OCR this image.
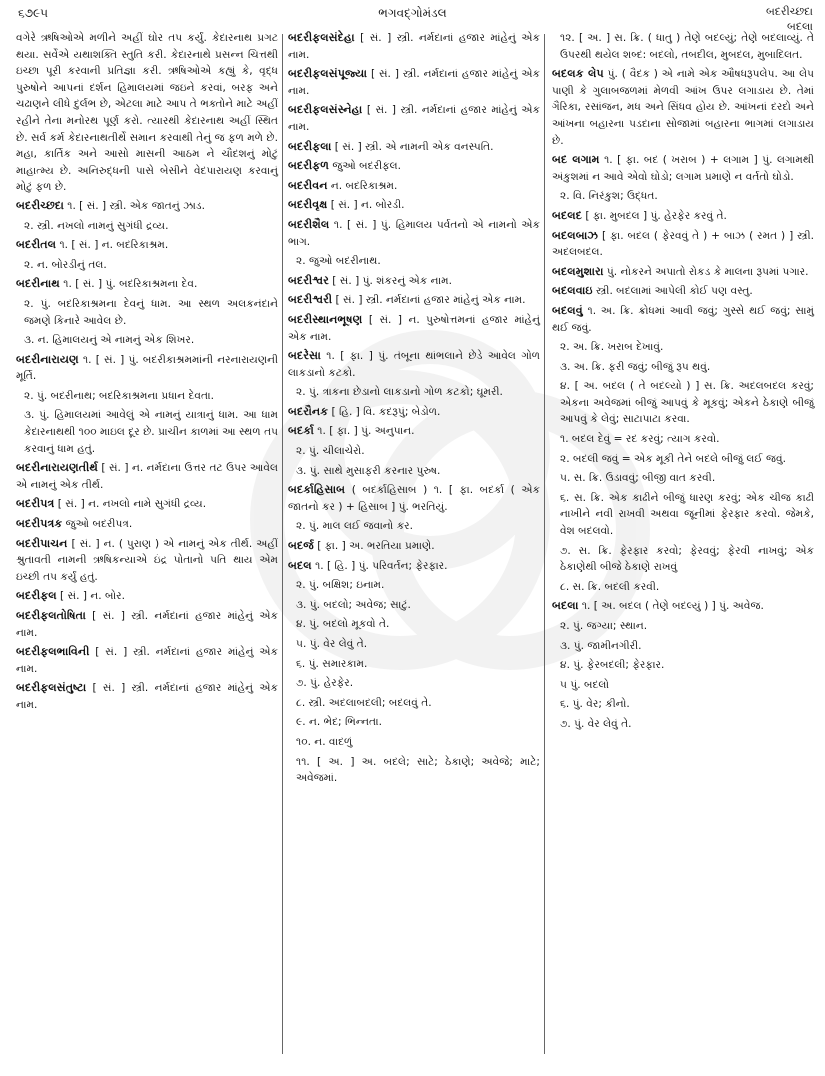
૬૭૯૫	ભગવદ્ગોમંડલ	બદરીચ્છદા
બદલા

વગેરે ઋષિઓએ મળીને અહીં ઘોર તપ કર્યું. કેદારનાથ પ્રગટ થયા. સર્વેએ યથાશક્તિ સ્તુતિ કરી. કેદારનાથે પ્રસન્ન ચિત્તથી ઇચ્છા પૂરી કરવાની પ્રતિજ્ઞા કરી. ઋષિઓએ કહ્યું કે, વૃદ્ધ પુરુષોને આપનાં દર્શન હિમાલયમાં જઇને કરવાં, બરફ અને ચઢાણને લીધે દુર્લભ છે, એટલા માટે આપ તે ભક્તોને માટે અહીં રહીને તેના મનોરથ પૂર્ણ કરો. ત્યારથી કેદારનાથ અહીં સ્થિત છે. સર્વ કર્મ કેદારનાથતીર્થે સમાન કરવાથી તેનું જ ફળ મળે છે. મહા, કાર્તિક અને આસો માસની આઠમ ને ચૌદશનું મોટું માહાત્મ્ય છે. અનિરુદ્ધની પાસે બેસીને વેદપારાયણ કરવાનું મોટું ફળ છે.

બદરીચ્છદા ૧. [ સં. ] સ્ત્રી. એક જાતનું ઝાડ.

૨. સ્ત્રી. નખલો નામનું સુગંધી દ્રવ્ય.

બદરીતલ ૧. [ સં. ] ન. બદરિકાશ્રમ.

૨. ન. બોરડીનું તલ.

બદરીનાથ ૧. [ સં. ] પું. બદરિકાશ્રમના દેવ.

૨. પું. બદરિકાશ્રમના દેવનું ધામ. આ સ્થળ અલકનંદાને જમણે કિનારે આવેલ છે.

૩. ન. હિમાલયનું એ નામનું એક શિખર.

બદરીનારાયણ ૧. [ સં. ] પું. બદરીકાશ્રમમાંની નરનારાયણની મૂર્તિ.

૨. પું. બદરીનાથ; બદરિકાશ્રમના પ્રધાન દેવતા.

૩. પું. હિમાલયમાં આવેલું એ નામનું યાત્રાનું ધામ. આ ધામ કેદારનાથથી ૧૦૦ માઇલ દૂર છે. પ્રાચીન કાળમાં આ સ્થળ તપ કરવાનું ધામ હતું.

બદરીનારાયણતીર્થ [ સં. ] ન. નર્મદાના ઉત્તર તટ ઉપર આવેલ એ નામનું એક તીર્થ.

બદરીપત્ર [ સં. ] ન. નખલો નામે સુગંધી દ્રવ્ય.

બદરીપત્રક જુઓ બદરીપત્ર.

બદરીપાચન [ સં. ] ન. ( પુરાણ ) એ નામનું એક તીર્થ. અહીં શ્રુતાવતી નામની ઋષિકન્યાએ ઇંદ્ર પોતાનો પતિ થાય એમ ઇચ્છી તપ કર્યું હતું.

બદરીફલ [ સં. ] ન. બોર.

બદરીફલતોષિતા [ સં. ] સ્ત્રી. નર્મદાનાં હજાર માંહેનું એક નામ.

બદરીફલભાવિની [ સં. ] સ્ત્રી. નર્મદાનાં હજાર માંહેનું એક નામ.

બદરીફલસંતુષ્ટા [ સં. ] સ્ત્રી. નર્મદાનાં હજાર માંહેનું એક નામ.

બદરીફલસંદેહા [ સં. ] સ્ત્રી. નર્મદાનાં હજાર માંહેનું એક નામ.

બદરીફલસંપૂજ્યા [ સં. ] સ્ત્રી. નર્મદાનાં હજાર માંહેનું એક નામ.

બદરીફલસંસ્નેહા [ સં. ] સ્ત્રી. નર્મદાનાં હજાર માંહેનું એક નામ.

બદરીફલા [ સં. ] સ્ત્રી. એ નામની એક વનસ્પતિ.

બદરીફળ જુઓ બદરીફલ.

બદરીવન ન. બદરિકાશ્રમ.

બદરીવૃક્ષ [ સં. ] ન. બોરડી.

બદરીશૈલ ૧. [ સં. ] પું. હિમાલય પર્વતનો એ નામનો એક ભાગ.

૨. જુઓ બદરીનાથ.

બદરીશ્વર [ સં. ] પું. શંકરનું એક નામ.

બદરીશ્વરી [ સં. ] સ્ત્રી. નર્મદાનાં હજાર માંહેનું એક નામ.

બદરીસ્થાનભૂષણ [ સં. ] ન. પુરુષોત્તમનાં હજાર માંહેનું એક નામ.

બદરેસા ૧. [ ફા. ] પું. તંબૂના થાંભલાને છેડે આવેલ ગોળ લાકડાનો કટકો.

૨. પું. ત્રાકના છેડાનો લાકડાનો ગોળ કટકો; ઘૂમરી.

બદરૌનક [ હિ. ] વિ. કદરૂપું; બેડોળ.

બદર્કા ૧. [ ફા. ] પું. અનુપાન.

૨. પું. ચીલાચેરો.

૩. પું. સાથે મુસાફરી કરનાર પુરુષ.

બદર્કાહિસાબ ( બદર્કાહિસાબ ) ૧. [ ફા. બદર્કા ( એક જાતનો કર ) + હિસાબ ] પું. ભરતિયું.

૨. પું. માલ લઈ જવાનો કર.

બદર્જ [ ફા. ] અ. ભરતિયા પ્રમાણે.

બદલ ૧. [ હિ. ] પું. પરિવર્તન; ફેરફાર.

૨. પું. બક્ષિશ; ઇનામ.

૩. પું. બદલો; અવેજ; સાટું.

૪. પું. બદલો મૂકવો તે.

૫. પું. વેર લેવું તે.

૬. પું. સમારકામ.

૭. પું. હેરફેર.

૮. સ્ત્રી. અદલાબદલી; બદલવું તે.

૯. ન. ભેદ; ભિન્નતા.

૧૦. ન. વાદળું

૧૧. [ અ. ] અ. બદલે; સાટે; ઠેકાણે; અવેજે; માટે; અવેજમાં.

૧૨. [ અ. ] સ. ક્રિ. ( ધાતુ ) તેણે બદલ્યું; તેણે બદલાવ્યું. તે ઉપરથી થયેલ શબ્દ: બદલો, તબદીલ, મુબદલ, મુબાદિલત.

બદલક લેપ પું. ( વૈદક ) એ નામે એક ઔષધરૂપલેપ. આ લેપ પાણી કે ગુલાબજળમાં મેળવી આંખ ઉપર લગાડાય છે. તેમાં ગૈરિકા, રસાંજન, મધ અને સિંધવ હોય છે. આંખનાં દરદો અને આંખના બહારના પડદાના સોજામાં બહારના ભાગમાં લગાડાય છે.

બદ લગામ ૧. [ ફા. બદ ( ખરાબ ) + લગામ ] પું. લગામથી અંકુશમાં ન આવે એવો ઘોડો; લગામ પ્રમાણે ન વર્તતો ઘોડો.

૨. વિ. નિરંકુશ; ઉદ્ધત.

બદલદ [ ફા. મુબદલ ] પું. હેરફેર કરવું તે.

બદલબાઝ [ ફા. બદલ ( ફેરવવું તે ) + બાઝ ( રમત ) ] સ્ત્રી. અદલબદલ.

બદલમુશારા પું. નોકરને અપાતો રોકડ કે માલના રૂપમાં પગાર.

બદલવાઇ સ્ત્રી. બદલામાં આપેલી કોઈ પણ વસ્તુ.

બદલવું ૧. અ. ક્રિ. ક્રોધમાં આવી જવું; ગુસ્સે થઈ જવું; સામું થઈ જવું.

૨. અ. ક્રિ. ખરાબ દેખાવું.

૩. અ. ક્રિ. ફરી જવું; બીજું રૂપ થવું.

૪. [ અ. બદલ ( તે બદલ્યો ) ] સ. ક્રિ. અદલબદલ કરવું; એકના અવેજમાં બીજું આપવું કે મૂકવું; એકને ઠેકાણે બીજું આપવું કે લેવું; સાટાપાટા કરવા.

૧. બદલ દેવું = રદ કરવું; ત્યાગ કરવો.

૨. બદલી જવું = એક મૂકી તેને બદલે બીજું લઈ જવું.

૫. સ. ક્રિ. ઉડાવવું; બીજી વાત કરવી.

૬. સ. ક્રિ. એક કાઢીને બીજું ધારણ કરવું; એક ચીજ કાઢી નાખીને નવી રાખવી અથવા જૂનીમાં ફેરફાર કરવો. જેમકે, વેશ બદલવો.

૭. સ. ક્રિ. ફેરફાર કરવો; ફેરવવું; ફેરવી નાખવું; એક ઠેકાણેથી બીજે ઠેકાણે રાખવું

૮. સ. ક્રિ. બદલી કરવી.

બદલા ૧. [ અ. બદલ ( તેણે બદલ્યું ) ] પું. અવેજ.

૨. પું. જગ્યા; સ્થાન.

૩. પું. જામીનગીરી.

૪. પું. ફેરબદલી; ફેરફાર.

૫ પું. બદલો

૬. પું. વેર; કીનો.

૭. પું. વેર લેવું તે.
